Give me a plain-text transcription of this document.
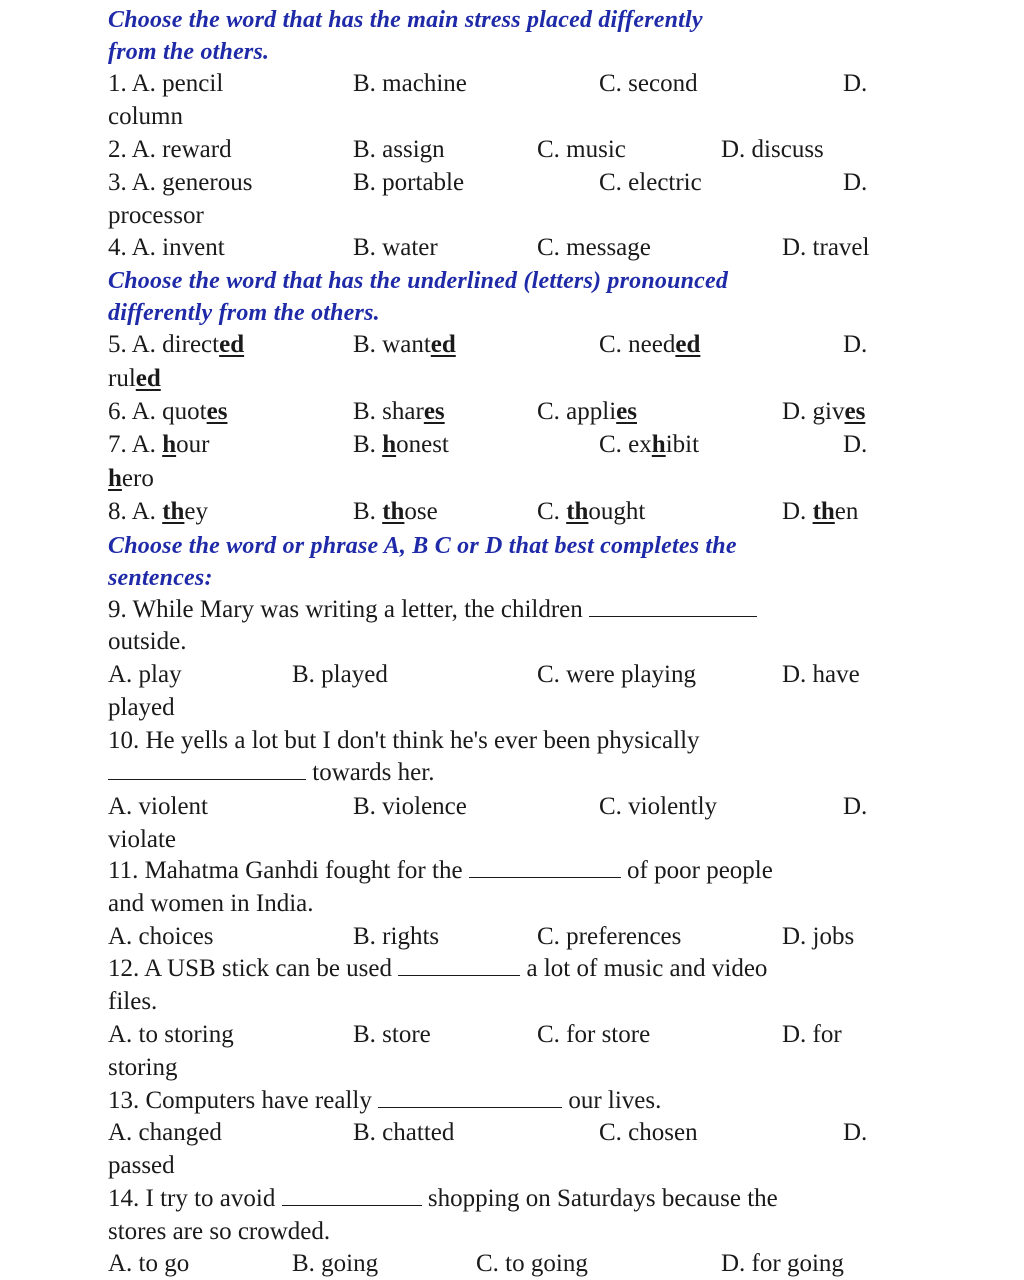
Choose the word that has the main stress placed differently
from the others.
1. A. pencil	B. machine	C. second	D.
column
2. A. reward	B. assign	C. music	D. discuss
3. A. generous	B. portable	C. electric	D.
processor
4. A. invent	B. water	C. message	D. travel
Choose the word that has the underlined (letters) pronounced
differently from the others.
5. A. directed	B. wanted	C. needed	D.
ruled
6. A. quotes	B. shares	C. applies	D. gives
7. A. hour	B. honest	C. exhibit	D.
hero
8. A. they	B. those	C. thought	D. then
Choose the word or phrase A, B C or D that best completes the
sentences:
9. While Mary was writing a letter, the children
outside.
A. play	B. played	C. were playing	D. have
played
10. He yells a lot but I don't think he's ever been physically
towards her.
A. violent	B. violence	C. violently	D.
violate
11. Mahatma Ganhdi fought for the	of poor people
and women in India.
A. choices	B. rights	C. preferences	D. jobs
12. A USB stick can be used	a lot of music and video
files.
A. to storing	B. store	C. for store	D. for
storing
13. Computers have really	our lives.
A. changed	B. chatted	C. chosen	D.
passed
14. I try to avoid	shopping on Saturdays because the
stores are so crowded.
A. to go	B. going	C. to going	D. for going
